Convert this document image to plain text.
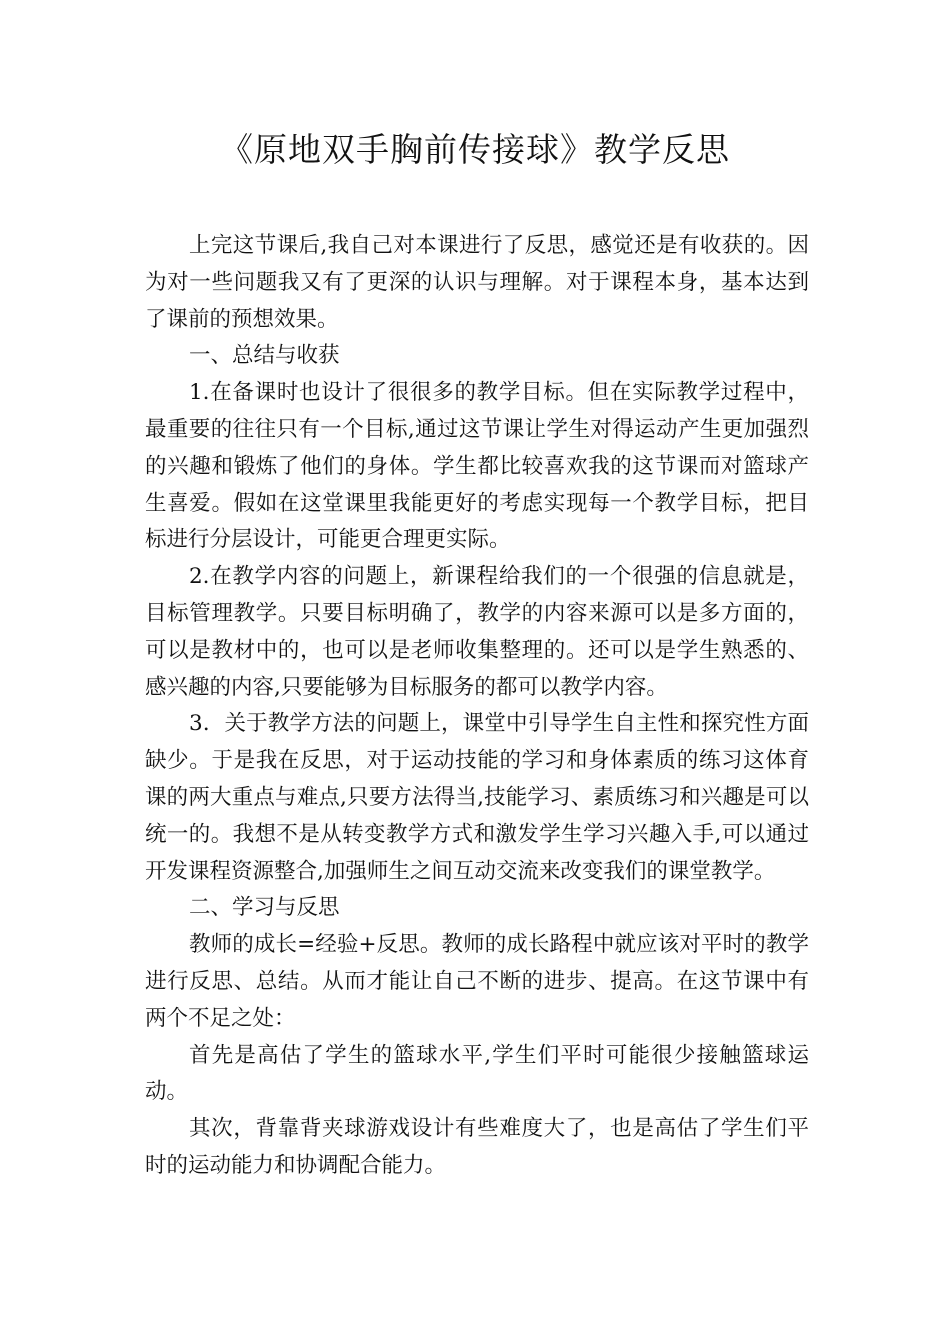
《原地双手胸前传接球》教学反思

上完这节课后,我自己对本课进行了反思，感觉还是有收获的。因为对一些问题我又有了更深的认识与理解。对于课程本身，基本达到了课前的预想效果。

一、总结与收获

1.在备课时也设计了很很多的教学目标。但在实际教学过程中，最重要的往往只有一个目标,通过这节课让学生对得运动产生更加强烈的兴趣和锻炼了他们的身体。学生都比较喜欢我的这节课而对篮球产生喜爱。假如在这堂课里我能更好的考虑实现每一个教学目标，把目标进行分层设计，可能更合理更实际。

2.在教学内容的问题上，新课程给我们的一个很强的信息就是，目标管理教学。只要目标明确了，教学的内容来源可以是多方面的，可以是教材中的，也可以是老师收集整理的。还可以是学生熟悉的、感兴趣的内容,只要能够为目标服务的都可以教学内容。

3．关于教学方法的问题上，课堂中引导学生自主性和探究性方面缺少。于是我在反思，对于运动技能的学习和身体素质的练习这体育课的两大重点与难点,只要方法得当,技能学习、素质练习和兴趣是可以统一的。我想不是从转变教学方式和激发学生学习兴趣入手,可以通过开发课程资源整合,加强师生之间互动交流来改变我们的课堂教学。

二、学习与反思

教师的成长=经验+反思。教师的成长路程中就应该对平时的教学进行反思、总结。从而才能让自己不断的进步、提高。在这节课中有两个不足之处：

首先是高估了学生的篮球水平,学生们平时可能很少接触篮球运动。

其次，背靠背夹球游戏设计有些难度大了，也是高估了学生们平时的运动能力和协调配合能力。
